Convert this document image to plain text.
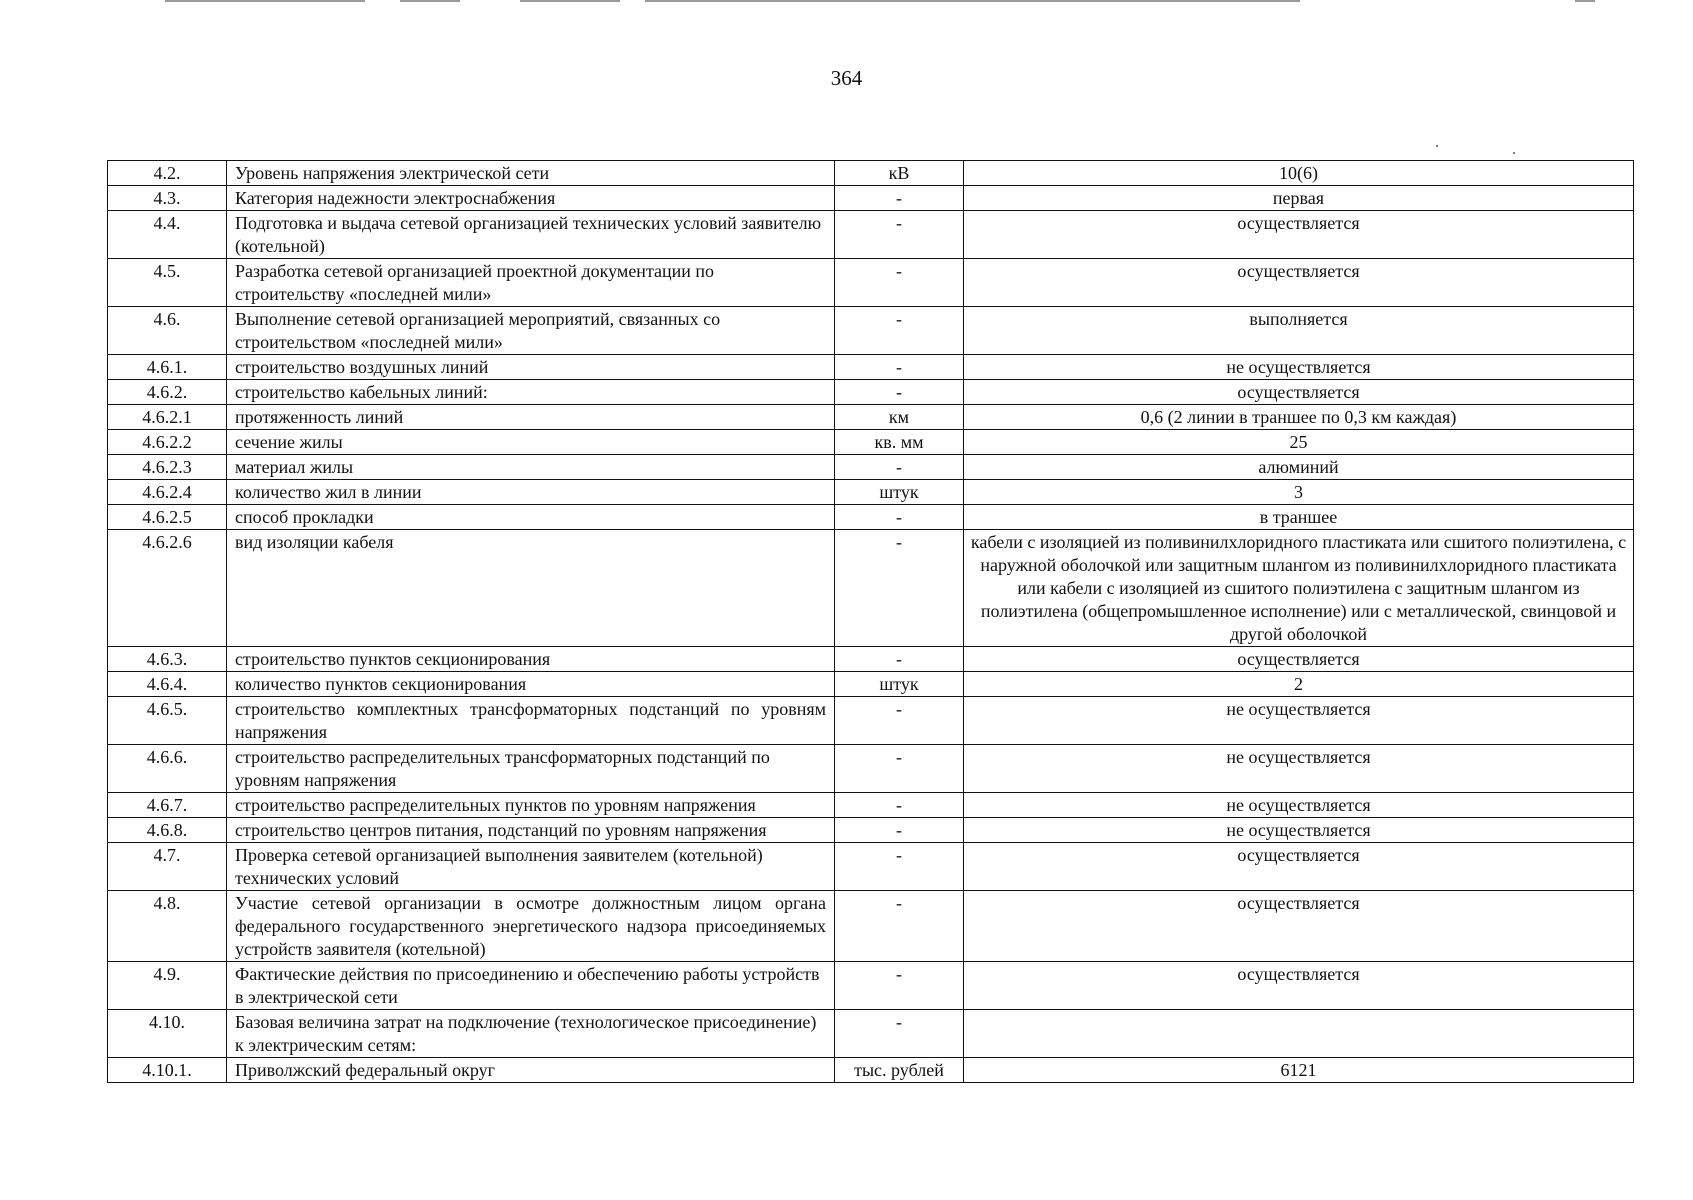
364
4.2.	Уровень напряжения электрической сети	кВ	10(6)
4.3.	Категория надежности электроснабжения	-	первая
4.4.	Подготовка и выдача сетевой организацией технических условий заявителю (котельной)	-	осуществляется
4.5.	Разработка сетевой организацией проектной документации по строительству «последней мили»	-	осуществляется
4.6.	Выполнение сетевой организацией мероприятий, связанных со строительством «последней мили»	-	выполняется
4.6.1.	строительство воздушных линий	-	не осуществляется
4.6.2.	строительство кабельных линий:	-	осуществляется
4.6.2.1	протяженность линий	км	0,6 (2 линии в траншее по 0,3 км каждая)
4.6.2.2	сечение жилы	кв. мм	25
4.6.2.3	материал жилы	-	алюминий
4.6.2.4	количество жил в линии	штук	3
4.6.2.5	способ прокладки	-	в траншее
4.6.2.6	вид изоляции кабеля	-	кабели с изоляцией из поливинилхлоридного пластиката или сшитого полиэтилена, с наружной оболочкой или защитным шлангом из поливинилхлоридного пластиката или кабели с изоляцией из сшитого полиэтилена с защитным шлангом из полиэтилена (общепромышленное исполнение) или с металлической, свинцовой и другой оболочкой
4.6.3.	строительство пунктов секционирования	-	осуществляется
4.6.4.	количество пунктов секционирования	штук	2
4.6.5.	строительство комплектных трансформаторных подстанций по уровням напряжения	-	не осуществляется
4.6.6.	строительство распределительных трансформаторных подстанций по уровням напряжения	-	не осуществляется
4.6.7.	строительство распределительных пунктов по уровням напряжения	-	не осуществляется
4.6.8.	строительство центров питания, подстанций по уровням напряжения	-	не осуществляется
4.7.	Проверка сетевой организацией выполнения заявителем (котельной) технических условий	-	осуществляется
4.8.	Участие сетевой организации в осмотре должностным лицом органа федерального государственного энергетического надзора присоединяемых устройств заявителя (котельной)	-	осуществляется
4.9.	Фактические действия по присоединению и обеспечению работы устройств в электрической сети	-	осуществляется
4.10.	Базовая величина затрат на подключение (технологическое присоединение) к электрическим сетям:	-	
4.10.1.	Приволжский федеральный округ	тыс. рублей	6121
